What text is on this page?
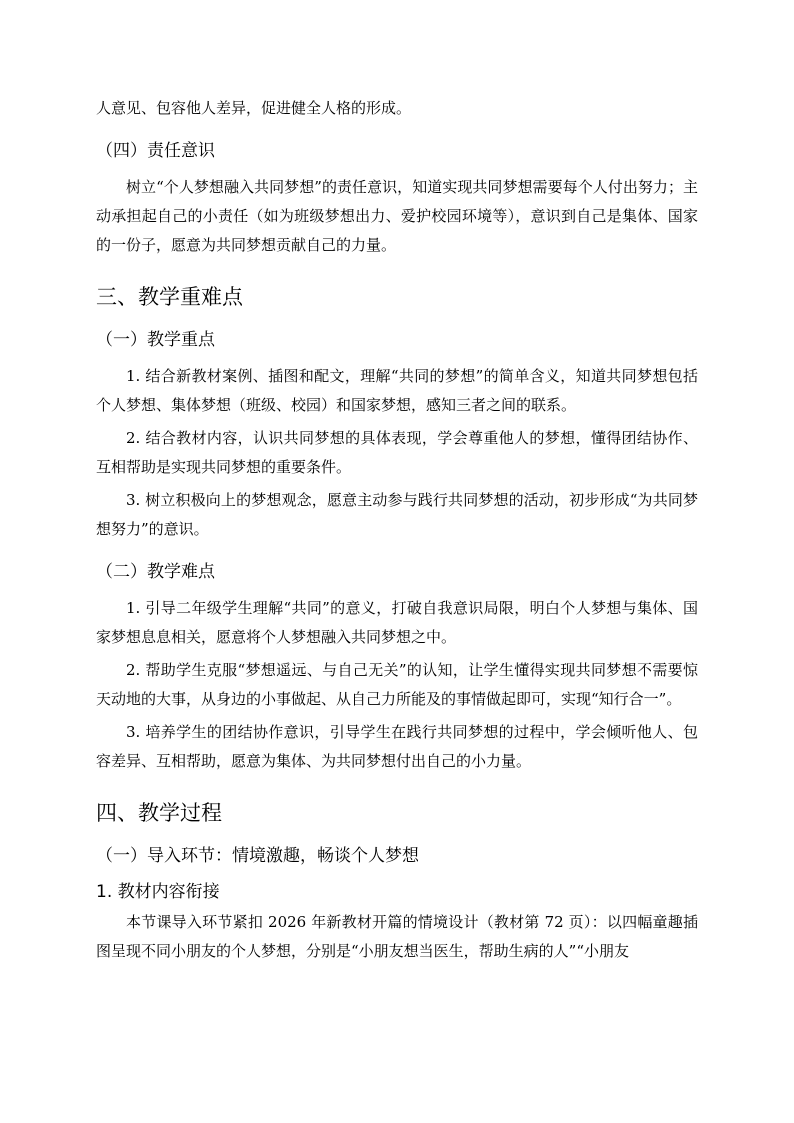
人意见、包容他人差异，促进健全人格的形成。

（四）责任意识

树立“个人梦想融入共同梦想”的责任意识，知道实现共同梦想需要每个人付出努力；主动承担起自己的小责任（如为班级梦想出力、爱护校园环境等），意识到自己是集体、国家的一份子，愿意为共同梦想贡献自己的力量。

三、教学重难点
（一）教学重点

1. 结合新教材案例、插图和配文，理解“共同的梦想”的简单含义，知道共同梦想包括个人梦想、集体梦想（班级、校园）和国家梦想，感知三者之间的联系。

2. 结合教材内容，认识共同梦想的具体表现，学会尊重他人的梦想，懂得团结协作、互相帮助是实现共同梦想的重要条件。

3. 树立积极向上的梦想观念，愿意主动参与践行共同梦想的活动，初步形成“为共同梦想努力”的意识。

（二）教学难点

1. 引导二年级学生理解“共同”的意义，打破自我意识局限，明白个人梦想与集体、国家梦想息息相关，愿意将个人梦想融入共同梦想之中。

2. 帮助学生克服“梦想遥远、与自己无关”的认知，让学生懂得实现共同梦想不需要惊天动地的大事，从身边的小事做起、从自己力所能及的事情做起即可，实现“知行合一”。

3. 培养学生的团结协作意识，引导学生在践行共同梦想的过程中，学会倾听他人、包容差异、互相帮助，愿意为集体、为共同梦想付出自己的小力量。

四、教学过程
（一）导入环节：情境激趣，畅谈个人梦想
1. 教材内容衔接

本节课导入环节紧扣 2026 年新教材开篇的情境设计（教材第 72 页）：以四幅童趣插图呈现不同小朋友的个人梦想，分别是“小朋友想当医生，帮助生病的人”“小朋友
